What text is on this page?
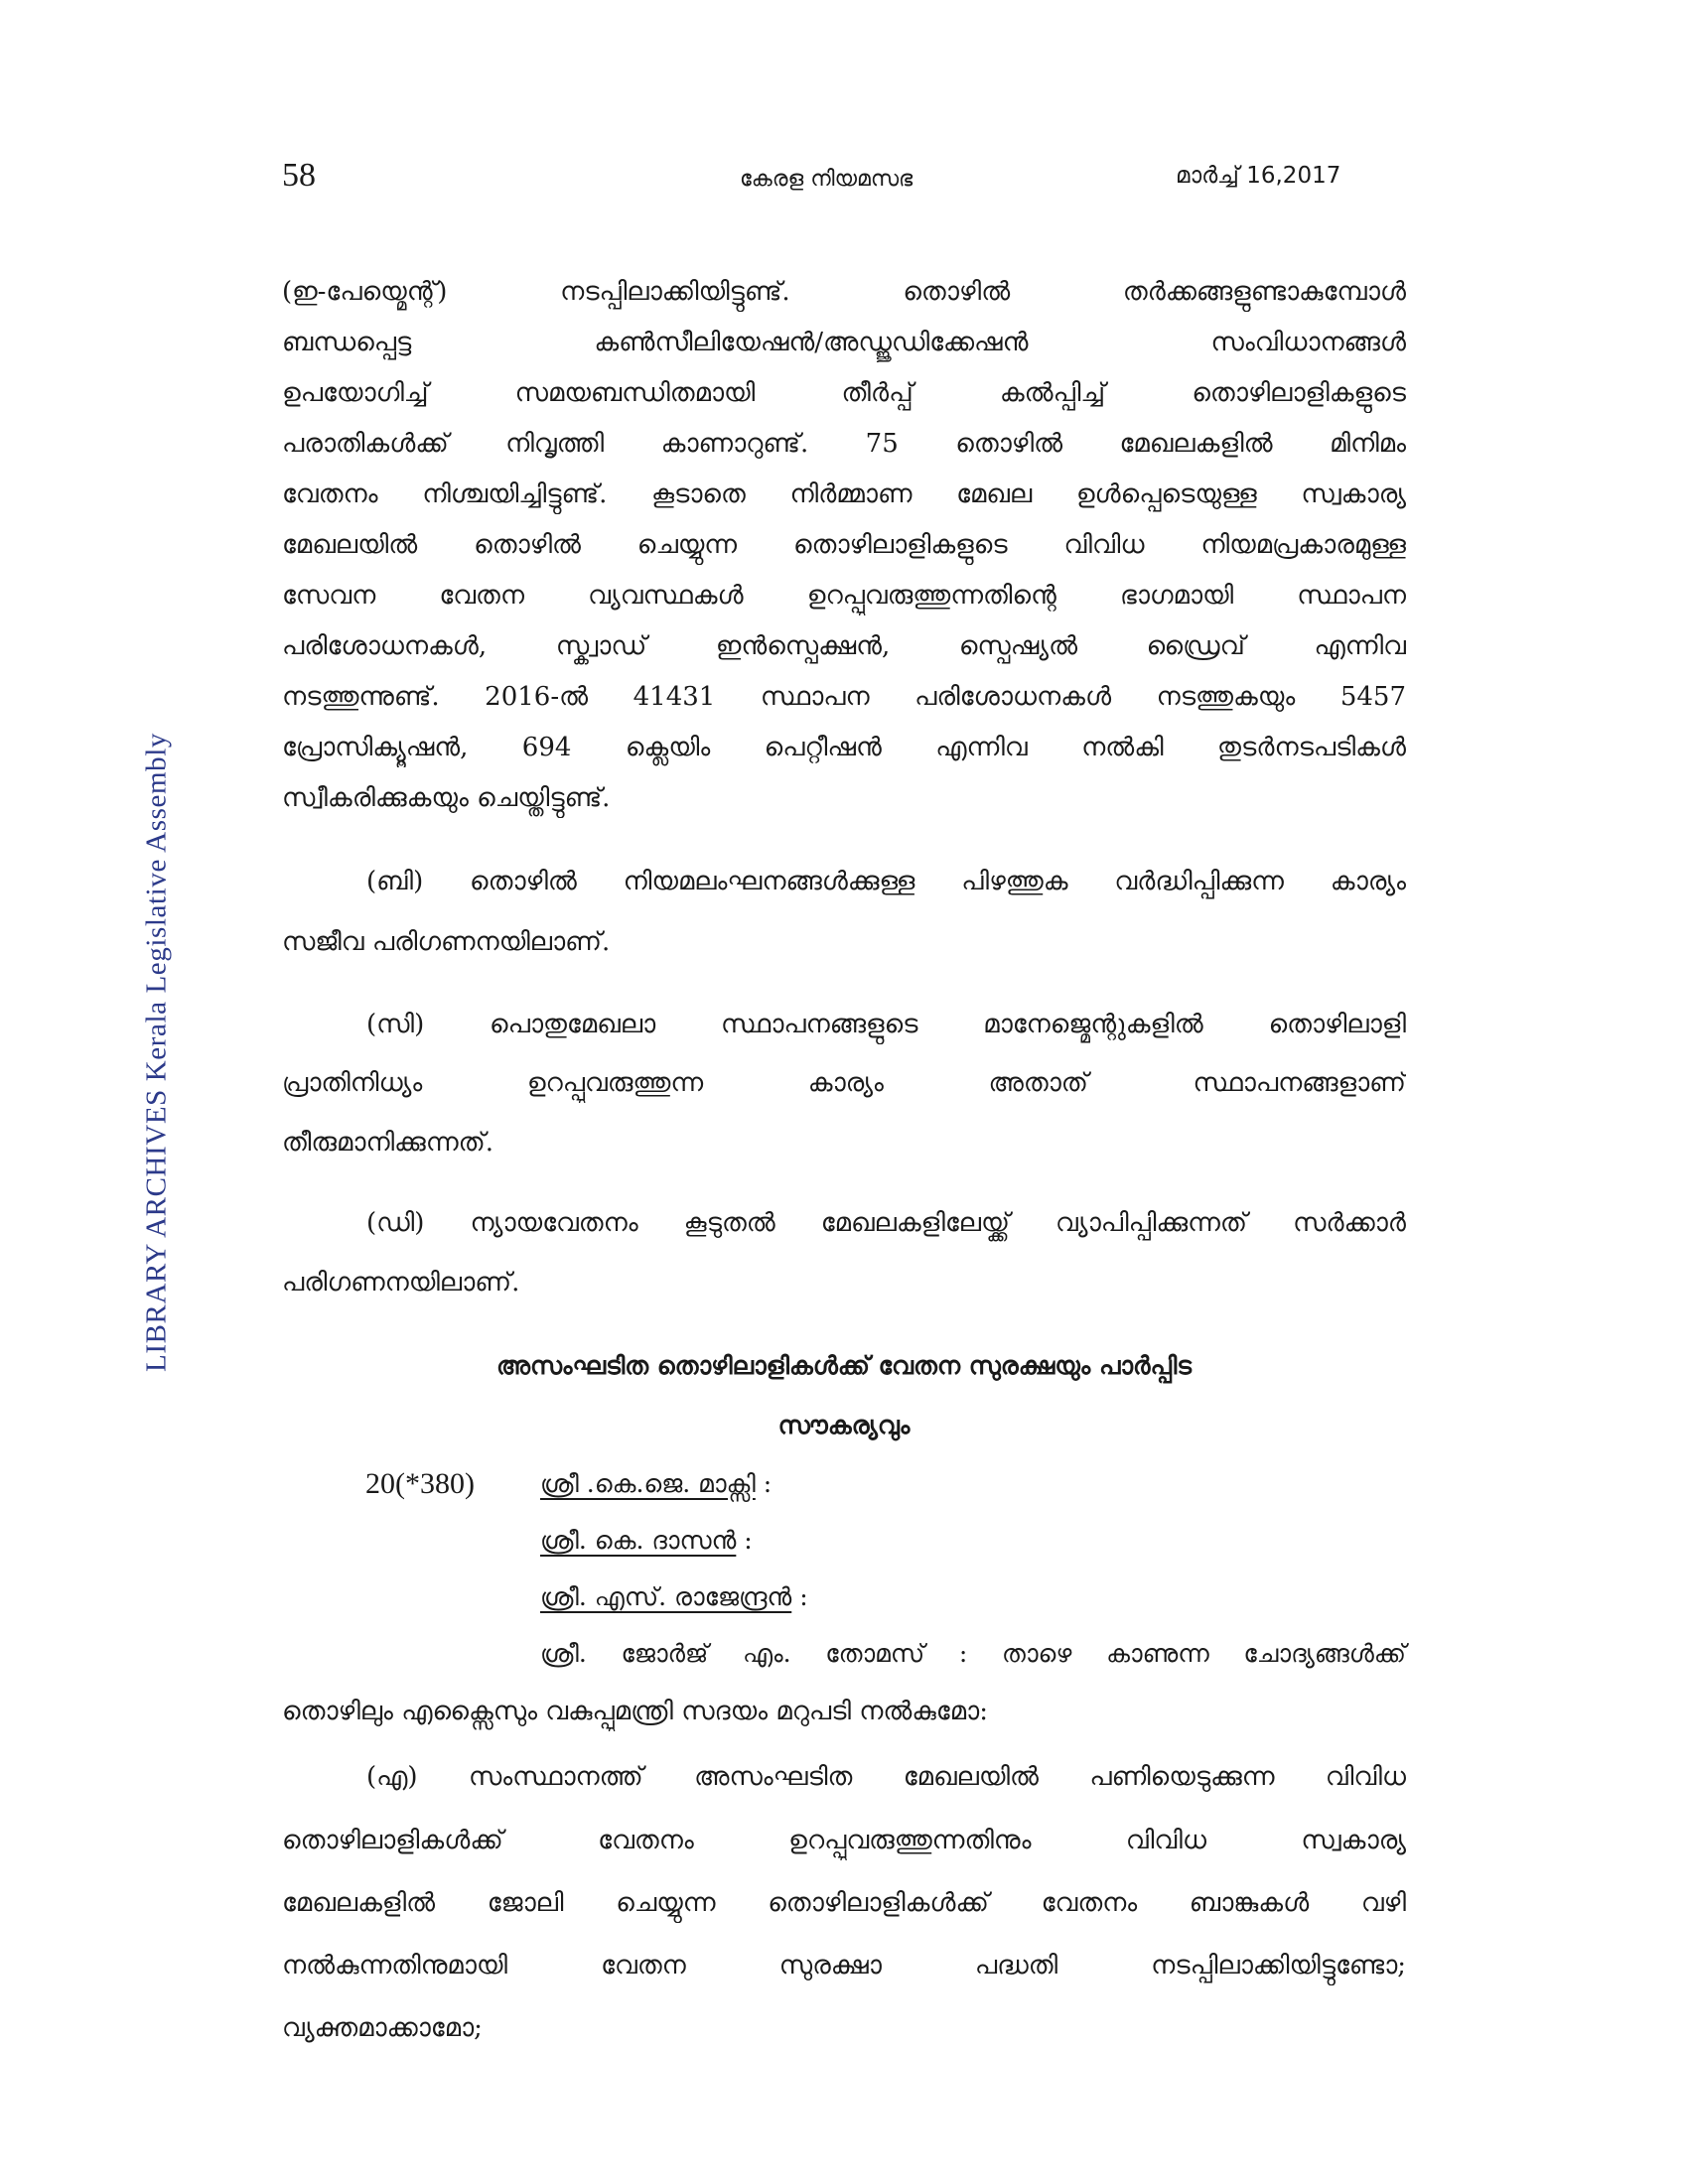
LIBRARY ARCHIVES Kerala Legislative Assembly
58	കേരള നിയമസഭ	മാർച്ച് 16,2017
(ഇ-പേയ്മെന്റ്) നടപ്പിലാക്കിയിട്ടുണ്ട്. തൊഴിൽ തർക്കങ്ങളുണ്ടാകുമ്പോൾ
ബന്ധപ്പെട്ട കൺസീലിയേഷൻ/അഡ്ജുഡിക്കേഷൻ സംവിധാനങ്ങൾ
ഉപയോഗിച്ച് സമയബന്ധിതമായി തീർപ്പ് കൽപ്പിച്ച് തൊഴിലാളികളുടെ
പരാതികൾക്ക് നിവൃത്തി കാണാറുണ്ട്. 75 തൊഴിൽ മേഖലകളിൽ മിനിമം
വേതനം നിശ്ചയിച്ചിട്ടുണ്ട്. കൂടാതെ നിർമ്മാണ മേഖല ഉൾപ്പെടെയുള്ള സ്വകാര്യ
മേഖലയിൽ തൊഴിൽ ചെയ്യുന്ന തൊഴിലാളികളുടെ വിവിധ നിയമപ്രകാരമുള്ള
സേവന വേതന വ്യവസ്ഥകൾ ഉറപ്പുവരുത്തുന്നതിന്റെ ഭാഗമായി സ്ഥാപന
പരിശോധനകൾ, സ്ക്വാഡ് ഇൻസ്പെക്ഷൻ, സ്പെഷ്യൽ ഡ്രൈവ് എന്നിവ
നടത്തുന്നുണ്ട്. 2016-ൽ 41431 സ്ഥാപന പരിശോധനകൾ നടത്തുകയും 5457
പ്രോസിക്യൂഷൻ, 694 ക്ലെയിം പെറ്റീഷൻ എന്നിവ നൽകി തുടർനടപടികൾ
സ്വീകരിക്കുകയും ചെയ്തിട്ടുണ്ട്.
(ബി) തൊഴിൽ നിയമലംഘനങ്ങൾക്കുള്ള പിഴത്തുക വർദ്ധിപ്പിക്കുന്ന കാര്യം
സജീവ പരിഗണനയിലാണ്.
(സി) പൊതുമേഖലാ സ്ഥാപനങ്ങളുടെ മാനേജ്മെന്റുകളിൽ തൊഴിലാളി
പ്രാതിനിധ്യം ഉറപ്പുവരുത്തുന്ന കാര്യം അതാത് സ്ഥാപനങ്ങളാണ്
തീരുമാനിക്കുന്നത്.
(ഡി) ന്യായവേതനം കൂടുതൽ മേഖലകളിലേയ്ക്ക് വ്യാപിപ്പിക്കുന്നത് സർക്കാർ
പരിഗണനയിലാണ്.
അസംഘടിത തൊഴിലാളികൾക്ക് വേതന സുരക്ഷയും പാർപ്പിട
സൗകര്യവും
20(*380)	ശ്രീ .കെ.ജെ. മാക്സി :
ശ്രീ. കെ. ദാസൻ :
ശ്രീ. എസ്. രാജേന്ദ്രൻ :
ശ്രീ. ജോർജ് എം. തോമസ് : താഴെ കാണുന്ന ചോദ്യങ്ങൾക്ക്
തൊഴിലും എക്സൈസും വകുപ്പുമന്ത്രി സദയം മറുപടി നൽകുമോ:
(എ) സംസ്ഥാനത്ത് അസംഘടിത മേഖലയിൽ പണിയെടുക്കുന്ന വിവിധ
തൊഴിലാളികൾക്ക് വേതനം ഉറപ്പുവരുത്തുന്നതിനും വിവിധ സ്വകാര്യ
മേഖലകളിൽ ജോലി ചെയ്യുന്ന തൊഴിലാളികൾക്ക് വേതനം ബാങ്കുകൾ വഴി
നൽകുന്നതിനുമായി വേതന സുരക്ഷാ പദ്ധതി നടപ്പിലാക്കിയിട്ടുണ്ടോ;
വ്യക്തമാക്കാമോ;
